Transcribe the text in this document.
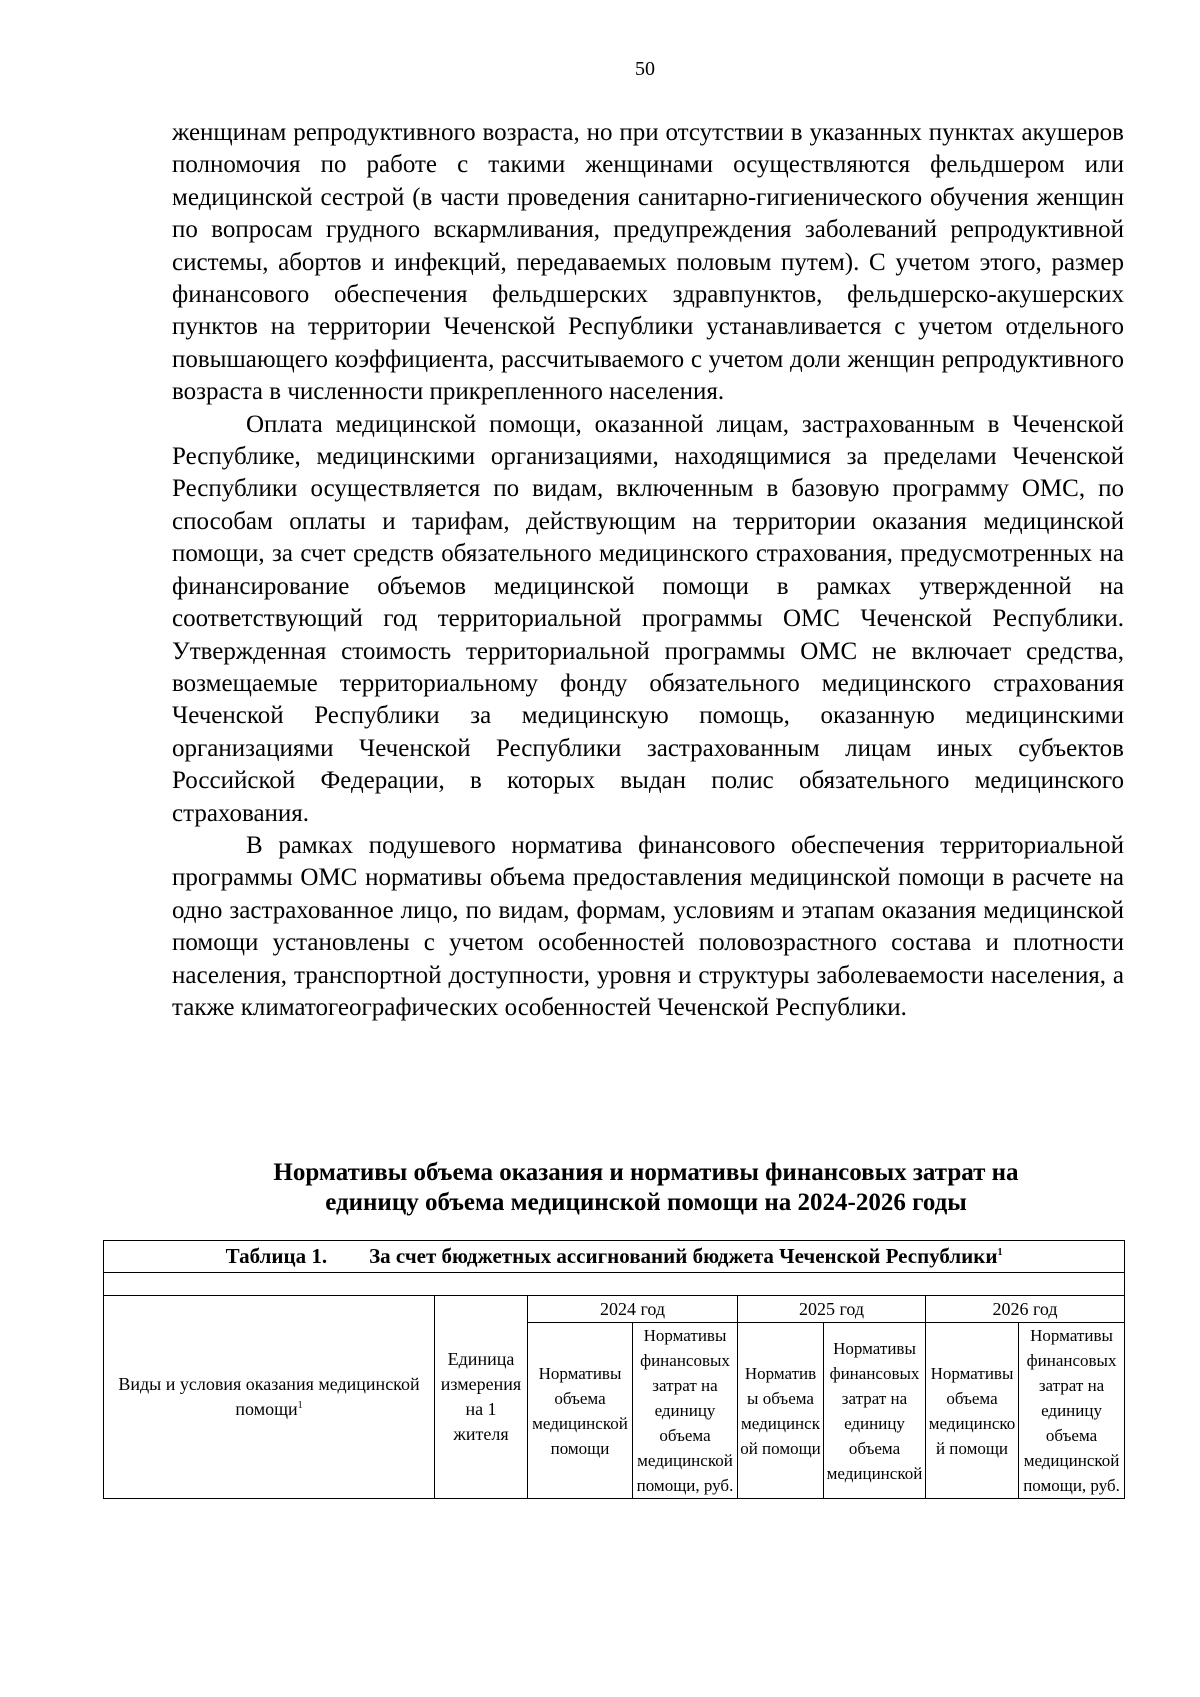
50

женщинам репродуктивного возраста, но при отсутствии в указанных пунктах акушеров полномочия по работе с такими женщинами осуществляются фельдшером или медицинской сестрой (в части проведения санитарно-гигиенического обучения женщин по вопросам грудного вскармливания, предупреждения заболеваний репродуктивной системы, абортов и инфекций, передаваемых половым путем). С учетом этого, размер финансового обеспечения фельдшерских здравпунктов, фельдшерско-акушерских пунктов на территории Чеченской Республики устанавливается с учетом отдельного повышающего коэффициента, рассчитываемого с учетом доли женщин репродуктивного возраста в численности прикрепленного населения.

Оплата медицинской помощи, оказанной лицам, застрахованным в Чеченской Республике, медицинскими организациями, находящимися за пределами Чеченской Республики осуществляется по видам, включенным в базовую программу ОМС, по способам оплаты и тарифам, действующим на территории оказания медицинской помощи, за счет средств обязательного медицинского страхования, предусмотренных на финансирование объемов медицинской помощи в рамках утвержденной на соответствующий год территориальной программы ОМС Чеченской Республики. Утвержденная стоимость территориальной программы ОМС не включает средства, возмещаемые территориальному фонду обязательного медицинского страхования Чеченской Республики за медицинскую помощь, оказанную медицинскими организациями Чеченской Республики застрахованным лицам иных субъектов Российской Федерации, в которых выдан полис обязательного медицинского страхования.

В рамках подушевого норматива финансового обеспечения территориальной программы ОМС нормативы объема предоставления медицинской помощи в расчете на одно застрахованное лицо, по видам, формам, условиям и этапам оказания медицинской помощи установлены с учетом особенностей половозрастного состава и плотности населения, транспортной доступности, уровня и структуры заболеваемости населения, а также климатогеографических особенностей Чеченской Республики.

Нормативы объема оказания и нормативы финансовых затрат на
единицу объема медицинской помощи на 2024-2026 годы
Таблица 1. За счет бюджетных ассигнований бюджета Чеченской Республики$^1$

Виды и условия оказания медицинской помощи$^1$	Единица измерения на 1 жителя	2024 год		2025 год		2026 год	
		Нормативы объема медицинской помощи	Нормативы финансовых затрат на единицу объема медицинской помощи, руб.	Нормативы объема медицинской помощи	Нормативы финансовых затрат на единицу объема медицинской	Нормативы объема медицинской помощи	Нормативы финансовых затрат на единицу объема медицинской помощи, руб.
